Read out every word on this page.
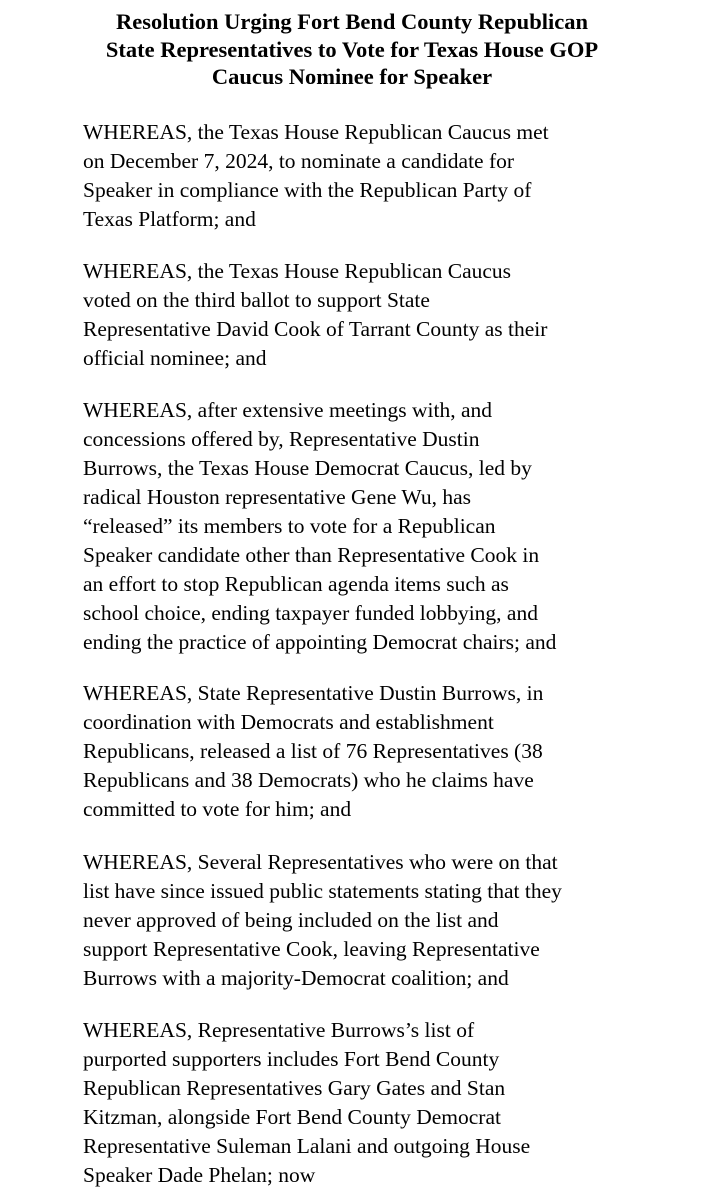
Resolution Urging Fort Bend County Republican
State Representatives to Vote for Texas House GOP
Caucus Nominee for Speaker

WHEREAS, the Texas House Republican Caucus met
on December 7, 2024, to nominate a candidate for
Speaker in compliance with the Republican Party of
Texas Platform; and

WHEREAS, the Texas House Republican Caucus
voted on the third ballot to support State
Representative David Cook of Tarrant County as their
official nominee; and

WHEREAS, after extensive meetings with, and
concessions offered by, Representative Dustin
Burrows, the Texas House Democrat Caucus, led by
radical Houston representative Gene Wu, has
“released” its members to vote for a Republican
Speaker candidate other than Representative Cook in
an effort to stop Republican agenda items such as
school choice, ending taxpayer funded lobbying, and
ending the practice of appointing Democrat chairs; and

WHEREAS, State Representative Dustin Burrows, in
coordination with Democrats and establishment
Republicans, released a list of 76 Representatives (38
Republicans and 38 Democrats) who he claims have
committed to vote for him; and

WHEREAS, Several Representatives who were on that
list have since issued public statements stating that they
never approved of being included on the list and
support Representative Cook, leaving Representative
Burrows with a majority-Democrat coalition; and

WHEREAS, Representative Burrows’s list of
purported supporters includes Fort Bend County
Republican Representatives Gary Gates and Stan
Kitzman, alongside Fort Bend County Democrat
Representative Suleman Lalani and outgoing House
Speaker Dade Phelan; now
